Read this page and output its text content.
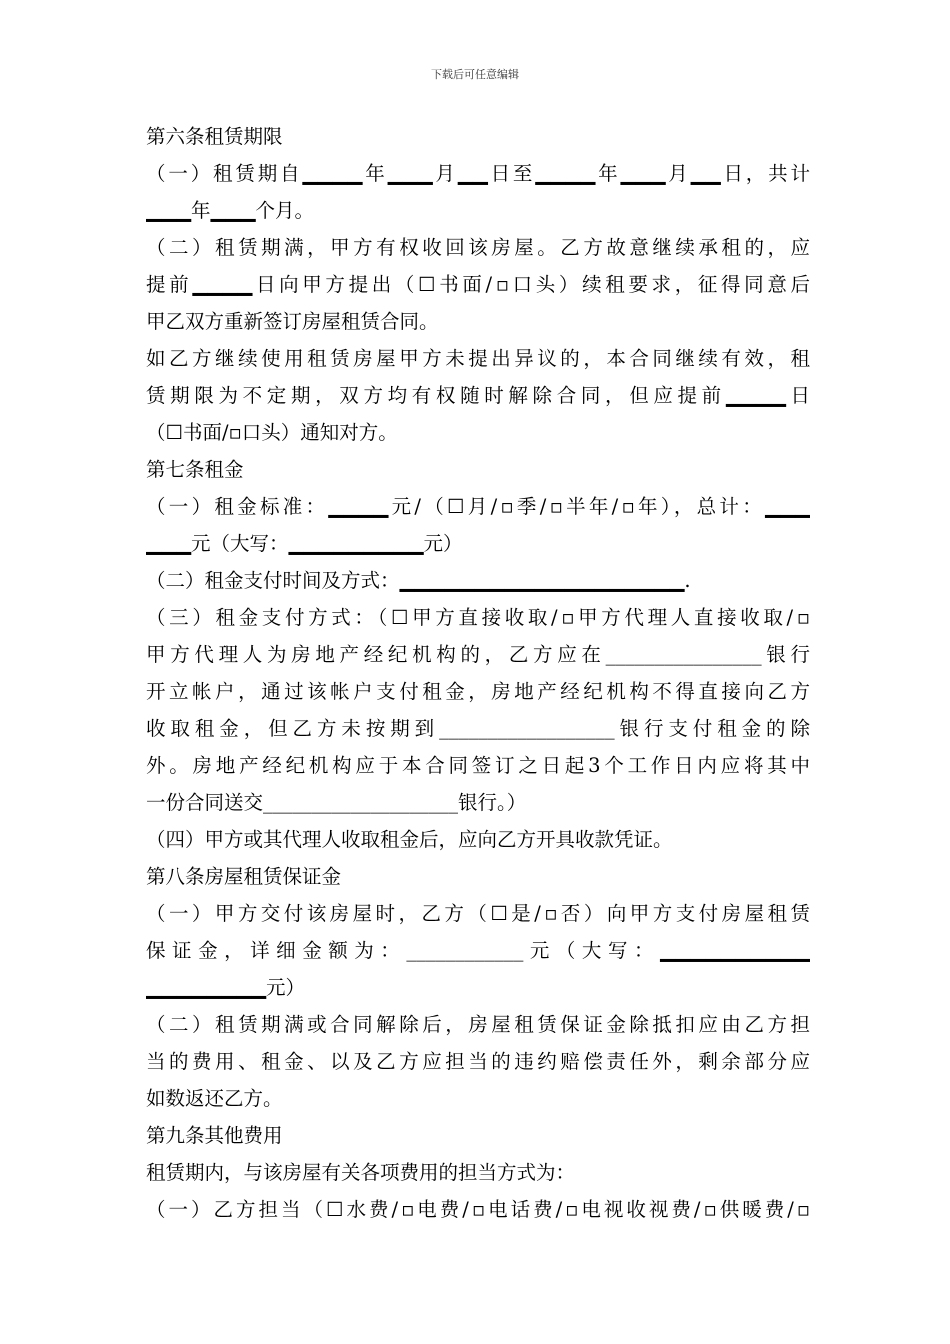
下载后可任意编辑
第六条租赁期限
（一）租赁期自▁▁▁▁年▁▁▁月▁▁日至▁▁▁▁年▁▁▁月▁▁日，共计
▁▁▁年▁▁▁个月。
（二）租赁期满，甲方有权收回该房屋。乙方故意继续承租的，应
提前▁▁▁▁日向甲方提出（☐书面/▫口头）续租要求，征得同意后
甲乙双方重新签订房屋租赁合同。
如乙方继续使用租赁房屋甲方未提出异议的，本合同继续有效，租
赁期限为不定期，双方均有权随时解除合同，但应提前▁▁▁▁日
（☐书面/▫口头）通知对方。
第七条租金
（一）租金标准：▁▁▁▁元/（☐月/▫季/▫半年/▫年），总计：▁▁▁
▁▁▁元（大写：▁▁▁▁▁▁▁▁▁元）
（二）租金支付时间及方式：▁▁▁▁▁▁▁▁▁▁▁▁▁▁▁▁▁▁▁.
（三）租金支付方式：（☐甲方直接收取/▫甲方代理人直接收取/▫
甲方代理人为房地产经纪机构的，乙方应在________________银行
开立帐户，通过该帐户支付租金，房地产经纪机构不得直接向乙方
收取租金，但乙方未按期到__________________银行支付租金的除
外。房地产经纪机构应于本合同签订之日起3个工作日内应将其中
一份合同送交____________________银行。）
（四）甲方或其代理人收取租金后，应向乙方开具收款凭证。
第八条房屋租赁保证金
（一）甲方交付该房屋时，乙方（☐是/▫否）向甲方支付房屋租赁
保证金，详细金额为：____________元（大写：▁▁▁▁▁▁▁▁▁▁
▁▁▁▁▁▁▁▁元）
（二）租赁期满或合同解除后，房屋租赁保证金除抵扣应由乙方担
当的费用、租金、以及乙方应担当的违约赔偿责任外，剩余部分应
如数返还乙方。
第九条其他费用
租赁期内，与该房屋有关各项费用的担当方式为：
（一）乙方担当（☐水费/▫电费/▫电话费/▫电视收视费/▫供暖费/▫
